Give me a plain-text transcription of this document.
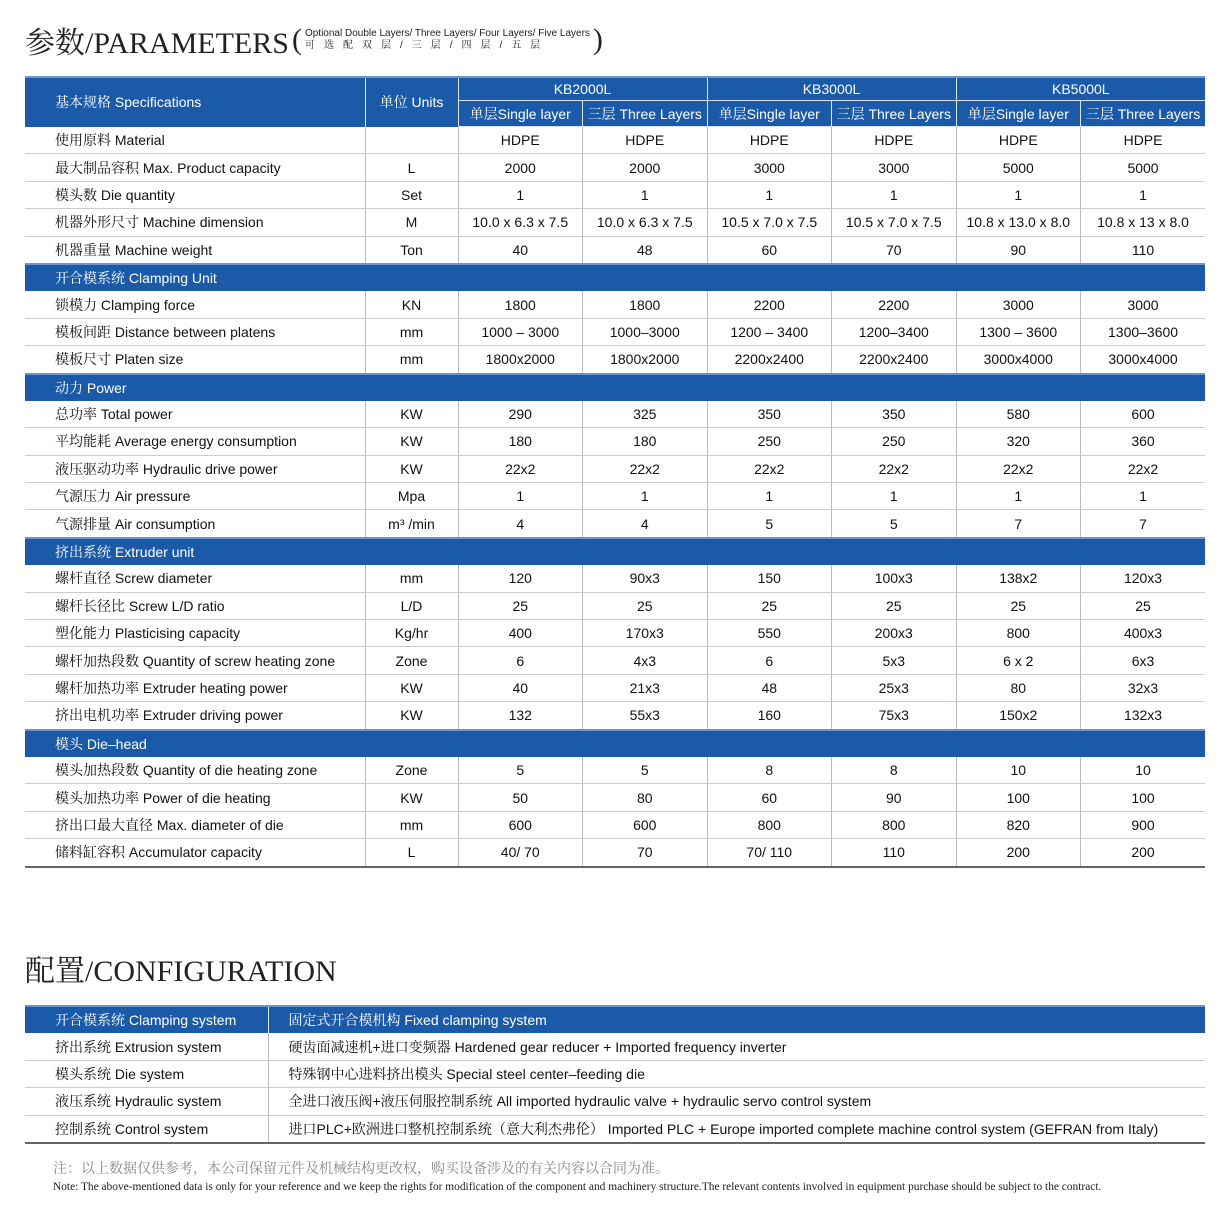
参数/PARAMETERS ( Optional Double Layers/ Three Layers/ Four Layers/ Five Layers
可选配双层/三层/四层/五层	)
基本规格 Specifications	单位 Units	KB2000L		KB3000L		KB5000L	
		单层Single layer	三层 Three Layers	单层Single layer	三层 Three Layers	单层Single layer	三层 Three Layers
使用原料 Material		HDPE	HDPE	HDPE	HDPE	HDPE	HDPE
最大制品容积 Max. Product capacity	L	2000	2000	3000	3000	5000	5000
模头数 Die quantity	Set	1	1	1	1	1	1
机器外形尺寸 Machine dimension	M	10.0 x 6.3 x 7.5	10.0 x 6.3 x 7.5	10.5 x 7.0 x 7.5	10.5 x 7.0 x 7.5	10.8 x 13.0 x 8.0	10.8 x 13 x 8.0
机器重量 Machine weight	Ton	40	48	60	70	90	110
开合模系统 Clamping Unit							
锁模力 Clamping force	KN	1800	1800	2200	2200	3000	3000
模板间距 Distance between platens	mm	1000 – 3000	1000–3000	1200 – 3400	1200–3400	1300 – 3600	1300–3600
模板尺寸 Platen size	mm	1800x2000	1800x2000	2200x2400	2200x2400	3000x4000	3000x4000
动力 Power							
总功率 Total power	KW	290	325	350	350	580	600
平均能耗 Average energy consumption	KW	180	180	250	250	320	360
液压驱动功率 Hydraulic drive power	KW	22x2	22x2	22x2	22x2	22x2	22x2
气源压力 Air pressure	Mpa	1	1	1	1	1	1
气源排量 Air consumption	m³ /min	4	4	5	5	7	7
挤出系统 Extruder unit							
螺杆直径 Screw diameter	mm	120	90x3	150	100x3	138x2	120x3
螺杆长径比 Screw L/D ratio	L/D	25	25	25	25	25	25
塑化能力 Plasticising capacity	Kg/hr	400	170x3	550	200x3	800	400x3
螺杆加热段数 Quantity of screw heating zone	Zone	6	4x3	6	5x3	6 x 2	6x3
螺杆加热功率 Extruder heating power	KW	40	21x3	48	25x3	80	32x3
挤出电机功率 Extruder driving power	KW	132	55x3	160	75x3	150x2	132x3
模头 Die–head							
模头加热段数 Quantity of die heating zone	Zone	5	5	8	8	10	10
模头加热功率 Power of die heating	KW	50	80	60	90	100	100
挤出口最大直径 Max. diameter of die	mm	600	600	800	800	820	900
储料缸容积 Accumulator capacity	L	40/ 70	70	70/ 110	110	200	200
配置/CONFIGURATION
开合模系统 Clamping system	固定式开合模机构 Fixed clamping system
挤出系统 Extrusion system	硬齿面减速机+进口变频器 Hardened gear reducer + Imported frequency inverter
模头系统 Die system	特殊钢中心进料挤出模头 Special steel center–feeding die
液压系统 Hydraulic system	全进口液压阀+液压伺服控制系统 All imported hydraulic valve + hydraulic servo control system
控制系统 Control system	进口PLC+欧洲进口整机控制系统（意大利杰弗伦） Imported PLC + Europe imported complete machine control system (GEFRAN from Italy)
注：以上数据仅供参考，本公司保留元件及机械结构更改权，购买设备涉及的有关内容以合同为准。
Note: The above-mentioned data is only for your reference and we keep the rights for modification of the component and machinery structure.The relevant contents involved in equipment purchase should be subject to the contract.
